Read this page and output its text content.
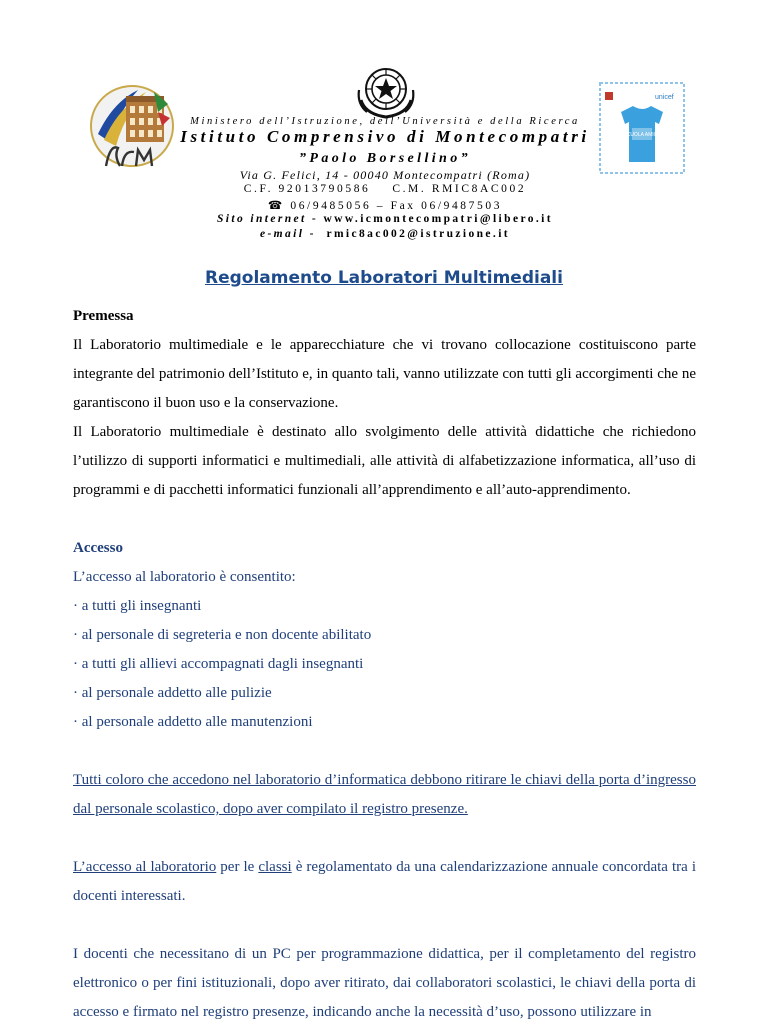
unicef
SCUOLA AMICA
Ministero dell’Istruzione, dell’Università e della Ricerca
Istituto Comprensivo di Montecompatri
”Paolo Borsellino”
Via G. Felici, 14 - 00040 Montecompatri (Roma)
C.F. 92013790586 C.M. RMIC8AC002
☎ 06/9485056 – Fax 06/9487503
Sito internet - www.icmontecompatri@libero.it
e-mail -  rmic8ac002@istruzione.it
Regolamento Laboratori Multimediali

Premessa

Il Laboratorio multimediale e le apparecchiature che vi trovano collocazione costituiscono parte integrante del patrimonio dell’Istituto e, in quanto tali, vanno utilizzate con tutti gli accorgimenti che ne garantiscono il buon uso e la conservazione.

Il Laboratorio multimediale è destinato allo svolgimento delle attività didattiche che richiedono l’utilizzo di supporti informatici e multimediali, alle attività di alfabetizzazione informatica, all’uso di programmi e di pacchetti informatici funzionali all’apprendimento e all’auto-apprendimento.

Accesso

L’accesso al laboratorio è consentito:

· a tutti gli insegnanti

· al personale di segreteria e non docente abilitato

· a tutti gli allievi accompagnati dagli insegnanti

· al personale addetto alle pulizie

· al personale addetto alle manutenzioni

Tutti coloro che accedono nel laboratorio d’informatica debbono ritirare le chiavi della porta d’ingresso dal personale scolastico, dopo aver compilato il registro presenze.

L’accesso al laboratorio per le classi è regolamentato da una calendarizzazione annuale concordata tra i docenti interessati.

I docenti che necessitano di un PC per programmazione didattica, per il completamento del registro elettronico o per fini istituzionali, dopo aver ritirato, dai collaboratori scolastici, le chiavi della porta di accesso e firmato nel registro presenze, indicando anche la necessità d’uso, possono utilizzare in
